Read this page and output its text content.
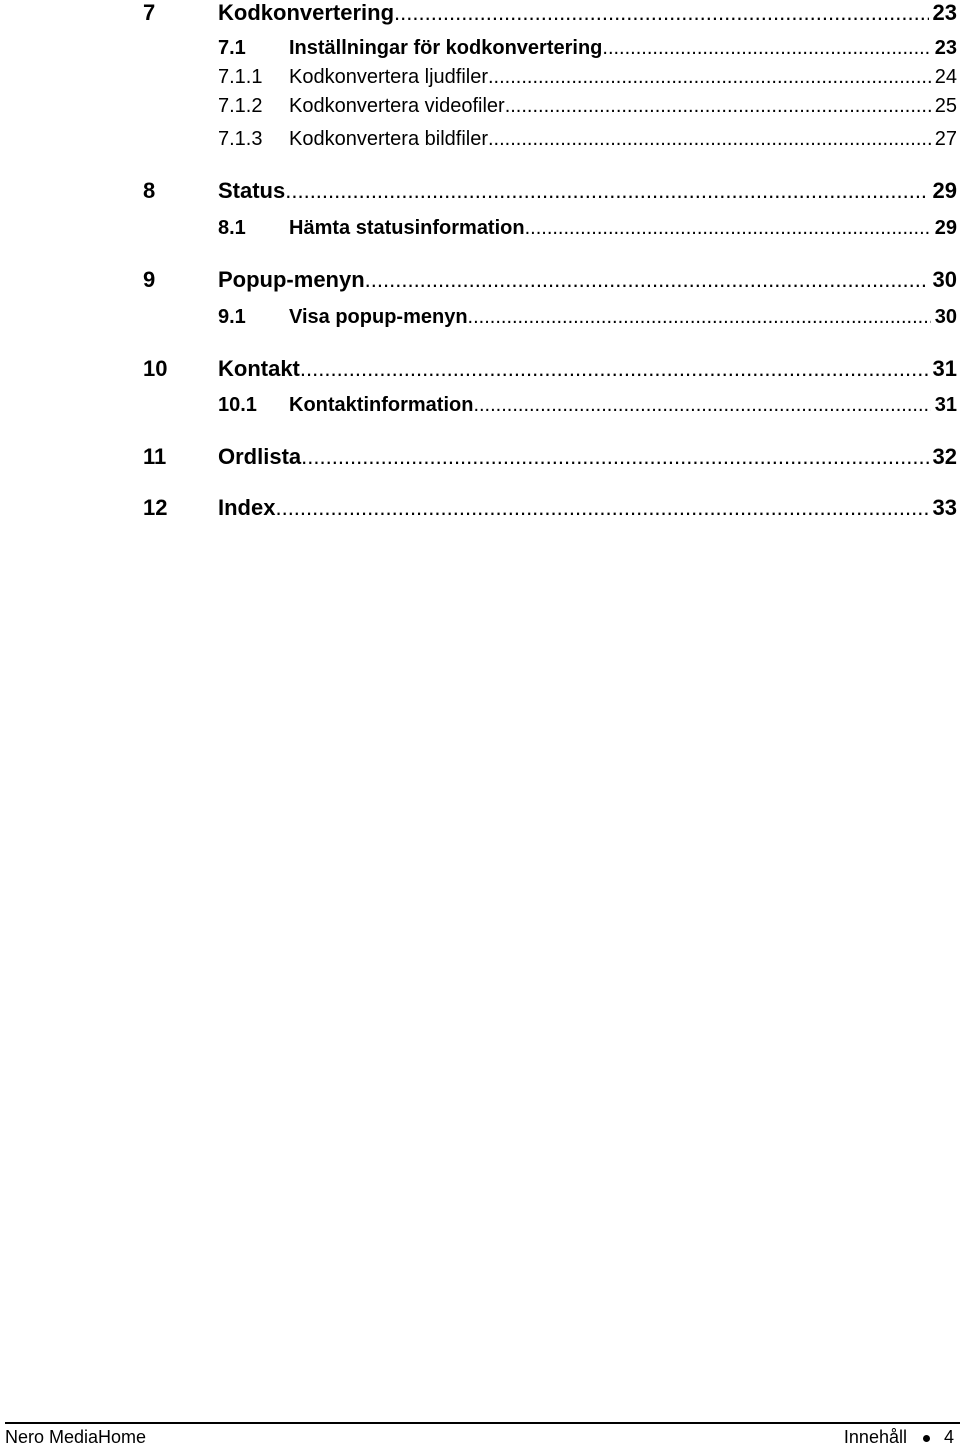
7	Kodkonvertering .....	23
7.1 Inställningar för kodkonvertering .....	23
7.1.1 Kodkonvertera ljudfiler .....	24
7.1.2 Kodkonvertera videofiler .....	25
7.1.3 Kodkonvertera bildfiler .....	27
8	Status .....	29
8.1 Hämta statusinformation .....	29
9	Popup-menyn .....	30
9.1 Visa popup-menyn .....	30
10 Kontakt .....	31
10.1 Kontaktinformation .....	31
11 Ordlista .....	32
12 Index .....	33
Nero MediaHome	Innehåll 4
